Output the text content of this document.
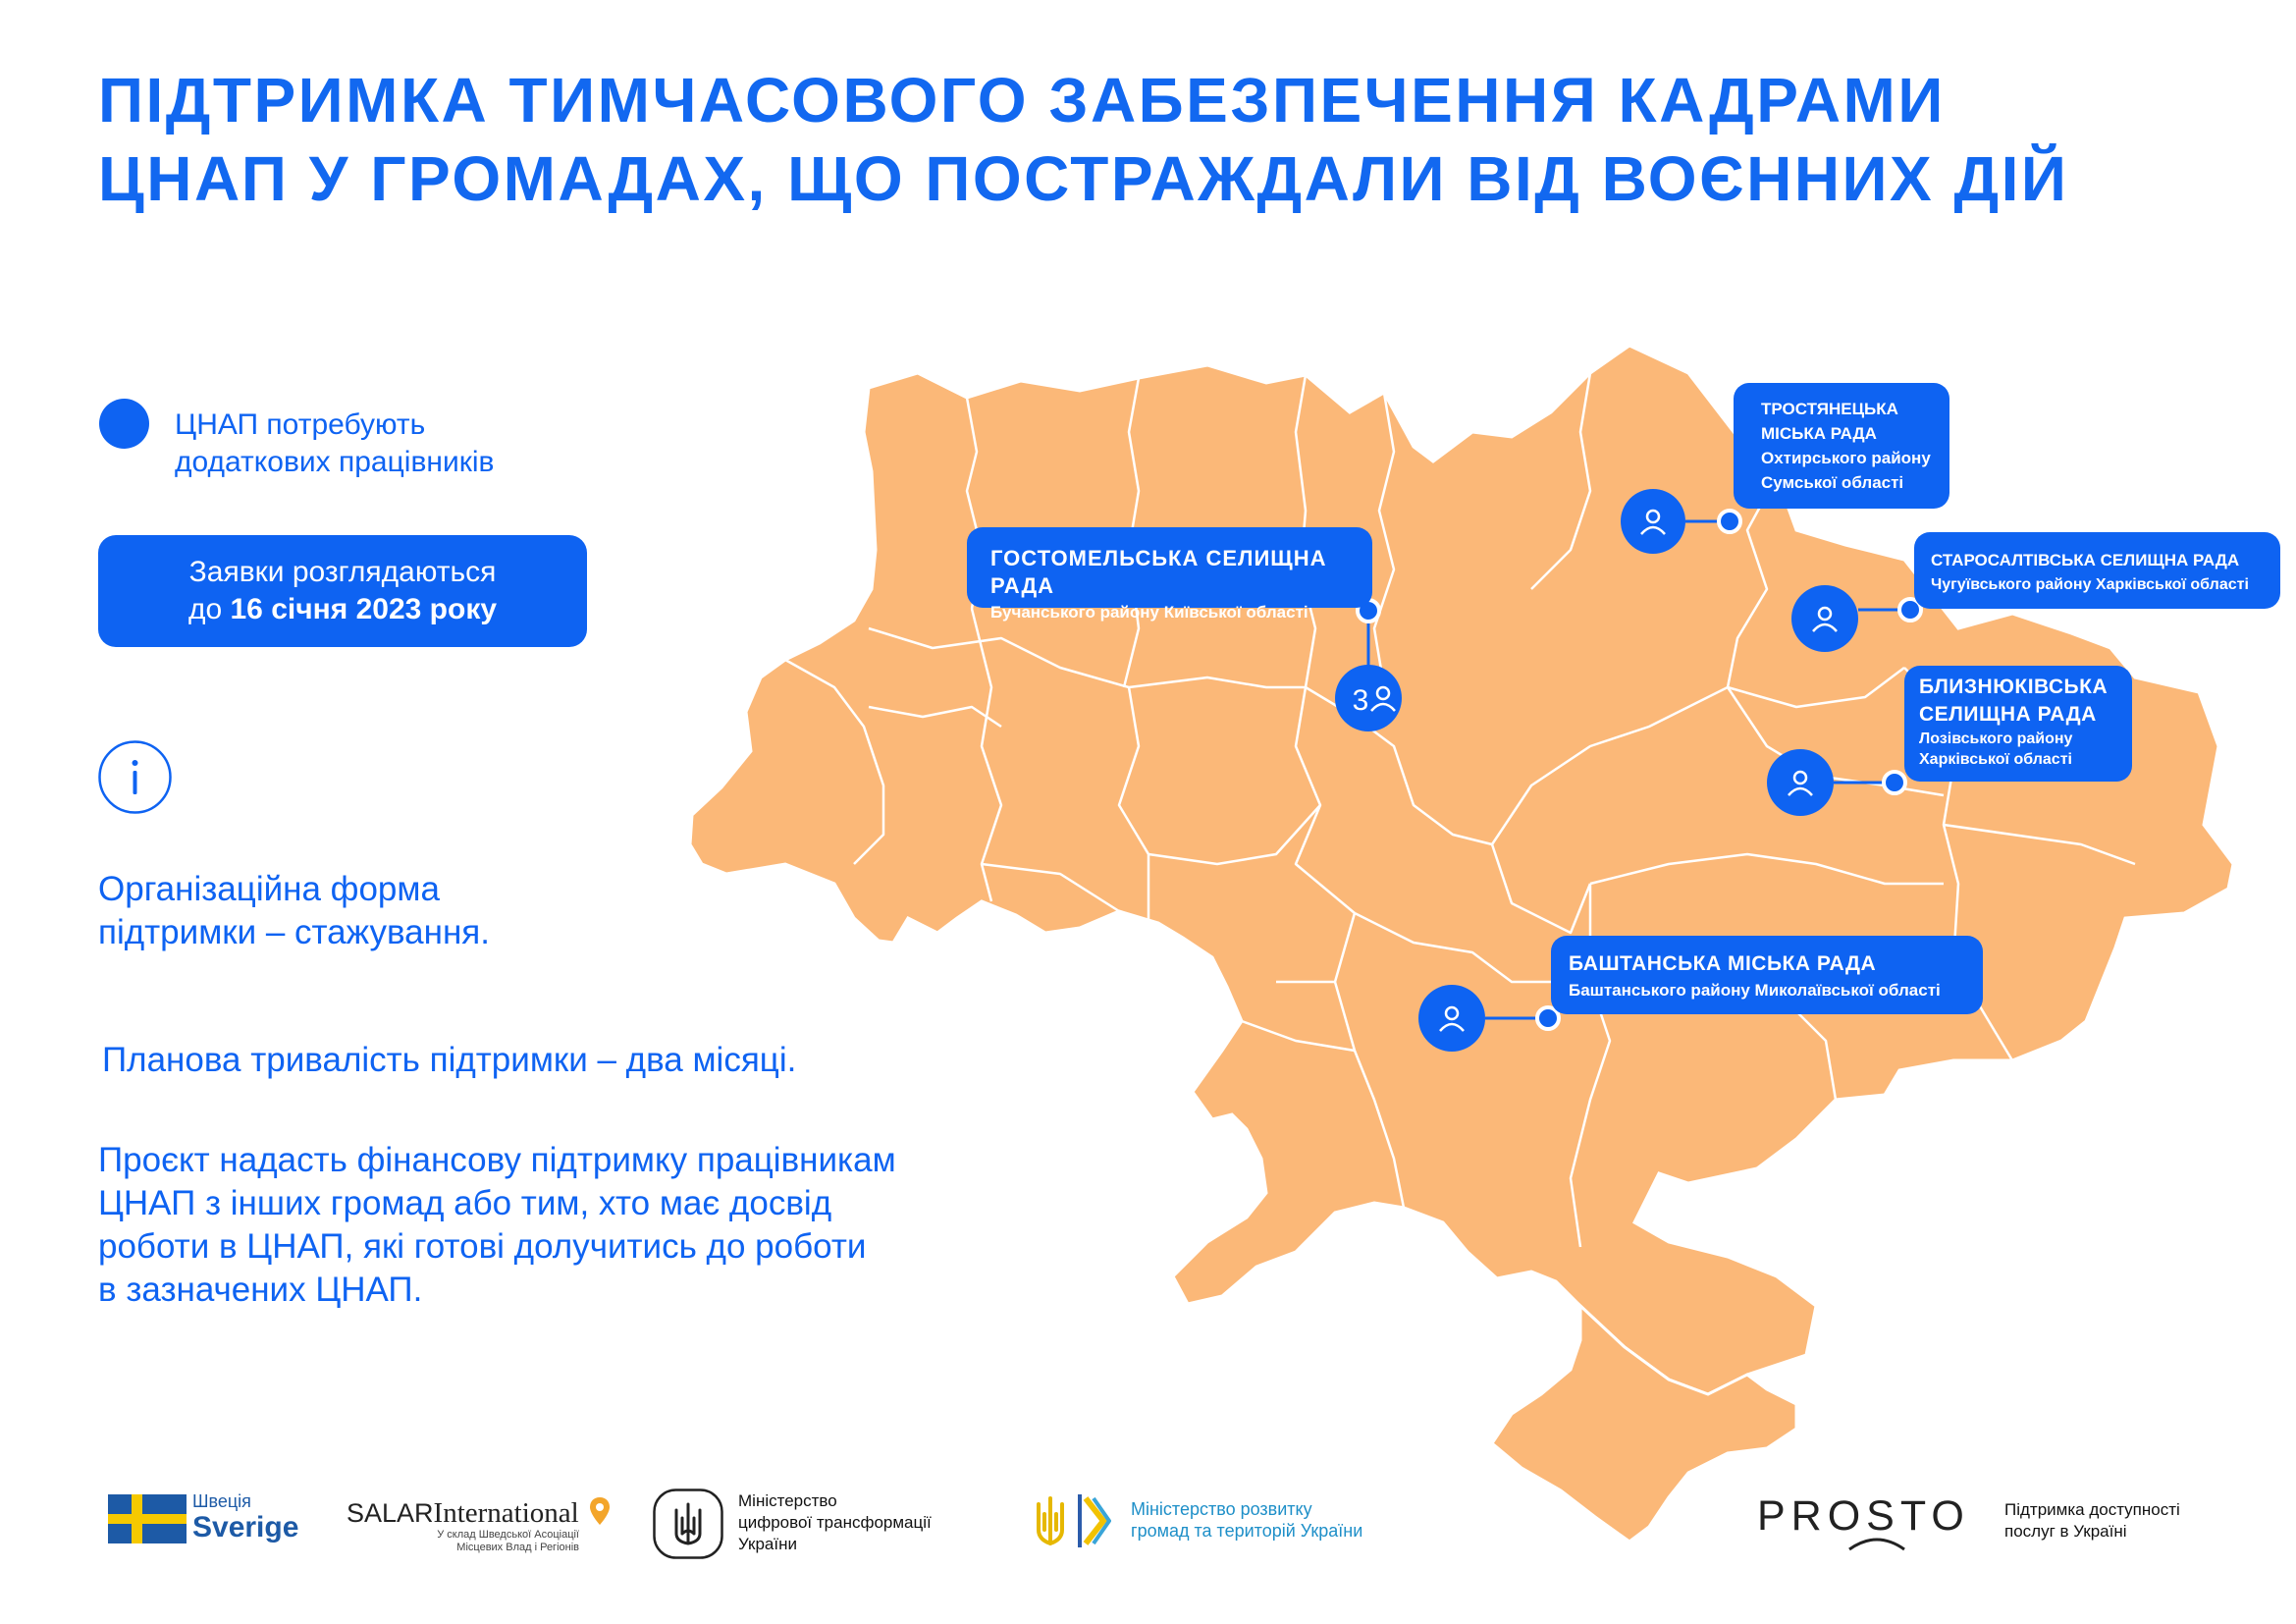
ПІДТРИМКА ТИМЧАСОВОГО ЗАБЕЗПЕЧЕННЯ КАДРАМИ
ЦНАП У ГРОМАДАХ, ЩО ПОСТРАЖДАЛИ ВІД ВОЄННИХ ДІЙ
ЦНАП потребують
додаткових працівників
Заявки розглядаються
до 16 січня 2023 року
Організаційна форма
підтримки – стажування.
Планова тривалість підтримки – два місяці.
Проєкт надасть фінансову підтримку працівникам
ЦНАП з інших громад або тим, хто має досвід
роботи в ЦНАП, які готові долучитись до роботи
в зазначених ЦНАП.
3
ГОСТОМЕЛЬСЬКА СЕЛИЩНА РАДА
Бучанського району Київської області
ТРОСТЯНЕЦЬКА
МІСЬКА РАДА
Охтирського району
Сумської області
СТАРОСАЛТІВСЬКА СЕЛИЩНА РАДА
Чугуївського району Харківської області
БЛИЗНЮКІВСЬКА
СЕЛИЩНА РАДА
Лозівського району
Харківської області
БАШТАНСЬКА МІСЬКА РАДА
Баштанського району Миколаївської області
Швеція
Sverige SALARInternational
У склад Шведської Асоціації
Місцевих Влад і Регіонів
Міністерство
цифрової трансформації
України
Міністерство розвитку
громад та територій України	PROSTO Підтримка доступності
послуг в Україні
